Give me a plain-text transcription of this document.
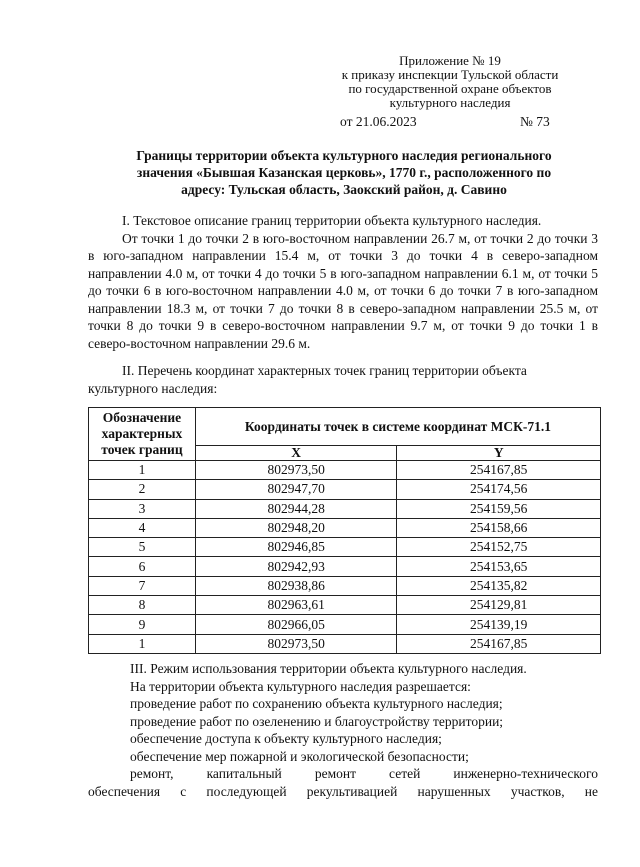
Приложение № 19
к приказу инспекции Тульской области
по государственной охране объектов
культурного наследия
от 21.06.2023	№ 73
Границы территории объекта культурного наследия регионального
значения «Бывшая Казанская церковь», 1770 г., расположенного по
адресу: Тульская область, Заокский район, д. Савино
I. Текстовое описание границ территории объекта культурного наследия.
От точки 1 до точки 2 в юго-восточном направлении 26.7 м, от точки 2 до точки 3 в юго-западном направлении 15.4 м, от точки 3 до точки 4 в северо-западном направлении 4.0 м, от точки 4 до точки 5 в юго-западном направлении 6.1 м, от точки 5 до точки 6 в юго-восточном направлении 4.0 м, от точки 6 до точки 7 в юго-западном направлении 18.3 м, от точки 7 до точки 8 в северо-западном направлении 25.5 м, от точки 8 до точки 9 в северо-восточном направлении 9.7 м, от точки 9 до точки 1 в северо-восточном направлении 29.6 м.
II. Перечень координат характерных точек границ территории объекта культурного наследия:
Обозначение характерных точек границ	Координаты точек в системе координат МСК-71.1	
	X	Y
1	802973,50	254167,85
2	802947,70	254174,56
3	802944,28	254159,56
4	802948,20	254158,66
5	802946,85	254152,75
6	802942,93	254153,65
7	802938,86	254135,82
8	802963,61	254129,81
9	802966,05	254139,19
1	802973,50	254167,85
III. Режим использования территории объекта культурного наследия.
На территории объекта культурного наследия разрешается:
проведение работ по сохранению объекта культурного наследия;
проведение работ по озеленению и благоустройству территории;
обеспечение доступа к объекту культурного наследия;
обеспечение мер пожарной и экологической безопасности;
ремонт, капитальный ремонт сетей инженерно-технического
обеспечения с последующей рекультивацией нарушенных участков, не
